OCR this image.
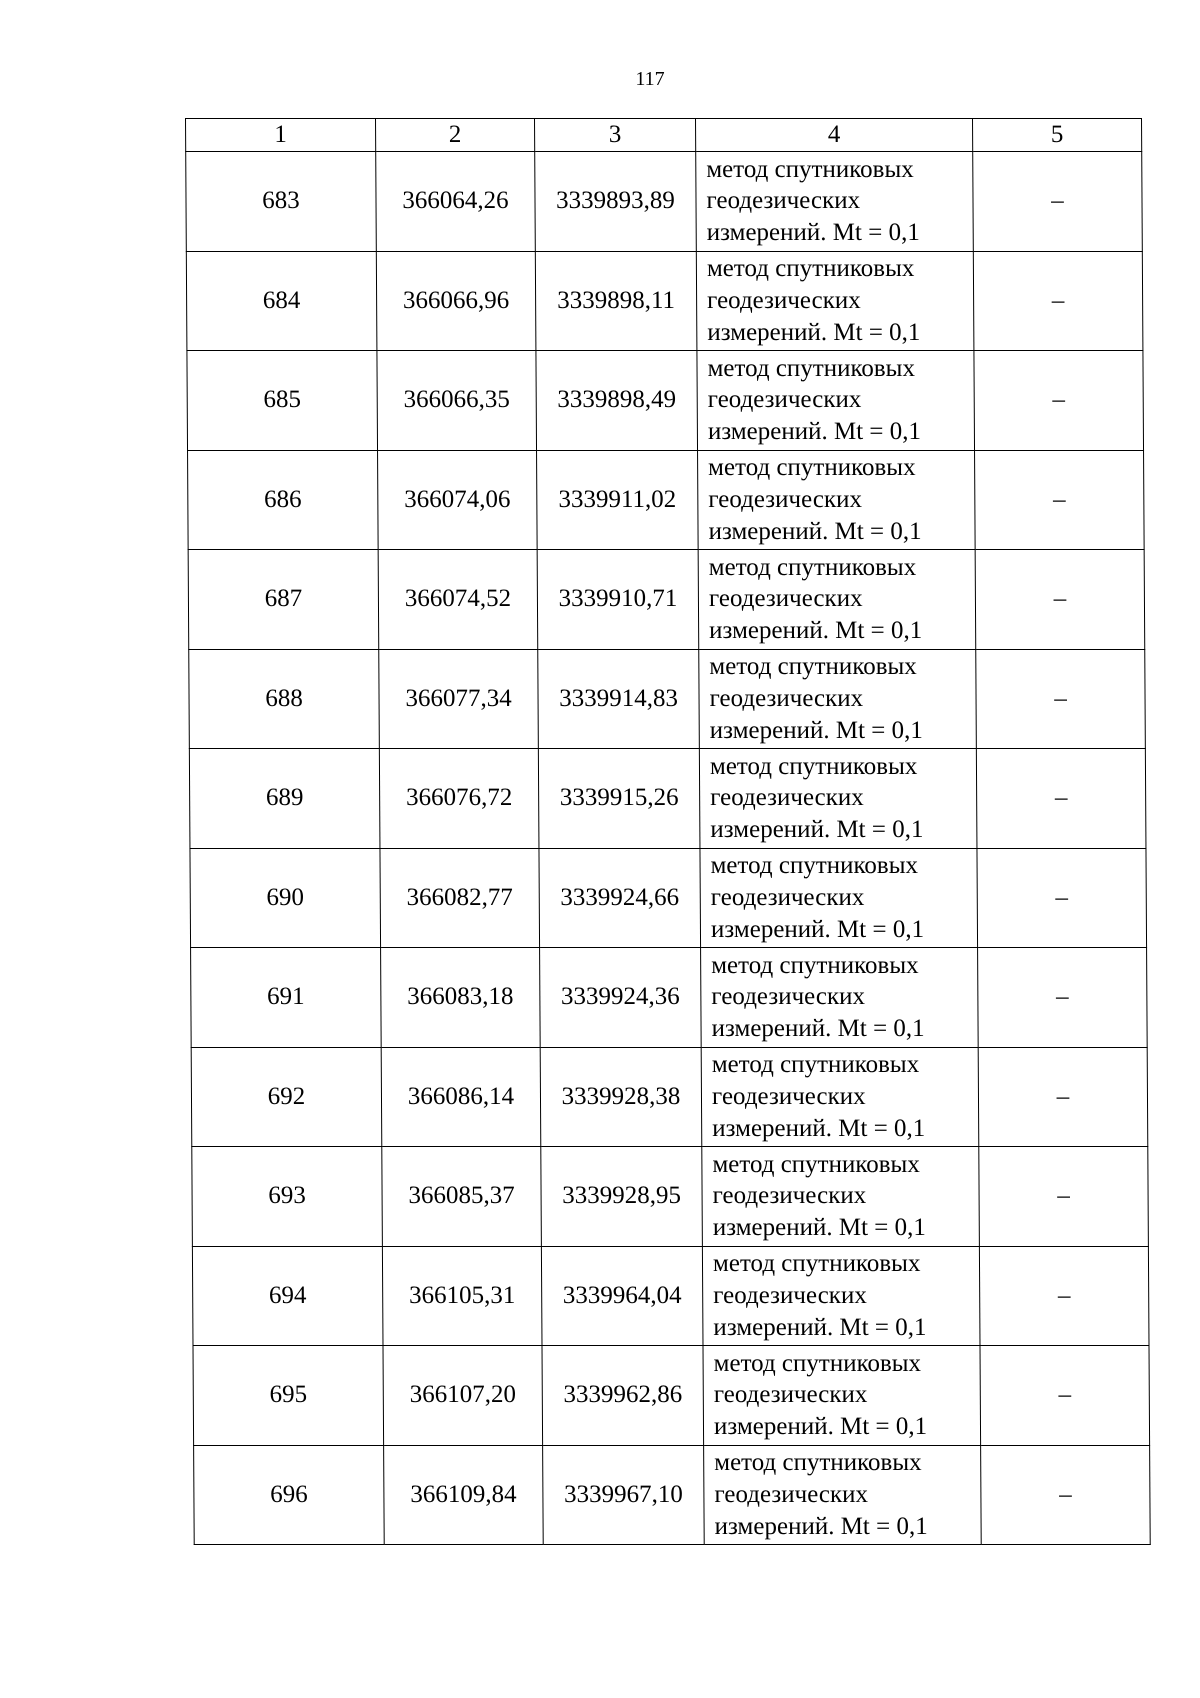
117
1	2	3	4	5
683	366064,26	3339893,89	метод спутниковых
геодезических
измерений. Mt = 0,1	–
684	366066,96	3339898,11	метод спутниковых
геодезических
измерений. Mt = 0,1	–
685	366066,35	3339898,49	метод спутниковых
геодезических
измерений. Mt = 0,1	–
686	366074,06	3339911,02	метод спутниковых
геодезических
измерений. Mt = 0,1	–
687	366074,52	3339910,71	метод спутниковых
геодезических
измерений. Mt = 0,1	–
688	366077,34	3339914,83	метод спутниковых
геодезических
измерений. Mt = 0,1	–
689	366076,72	3339915,26	метод спутниковых
геодезических
измерений. Mt = 0,1	–
690	366082,77	3339924,66	метод спутниковых
геодезических
измерений. Mt = 0,1	–
691	366083,18	3339924,36	метод спутниковых
геодезических
измерений. Mt = 0,1	–
692	366086,14	3339928,38	метод спутниковых
геодезических
измерений. Mt = 0,1	–
693	366085,37	3339928,95	метод спутниковых
геодезических
измерений. Mt = 0,1	–
694	366105,31	3339964,04	метод спутниковых
геодезических
измерений. Mt = 0,1	–
695	366107,20	3339962,86	метод спутниковых
геодезических
измерений. Mt = 0,1	–
696	366109,84	3339967,10	метод спутниковых
геодезических
измерений. Mt = 0,1	–
